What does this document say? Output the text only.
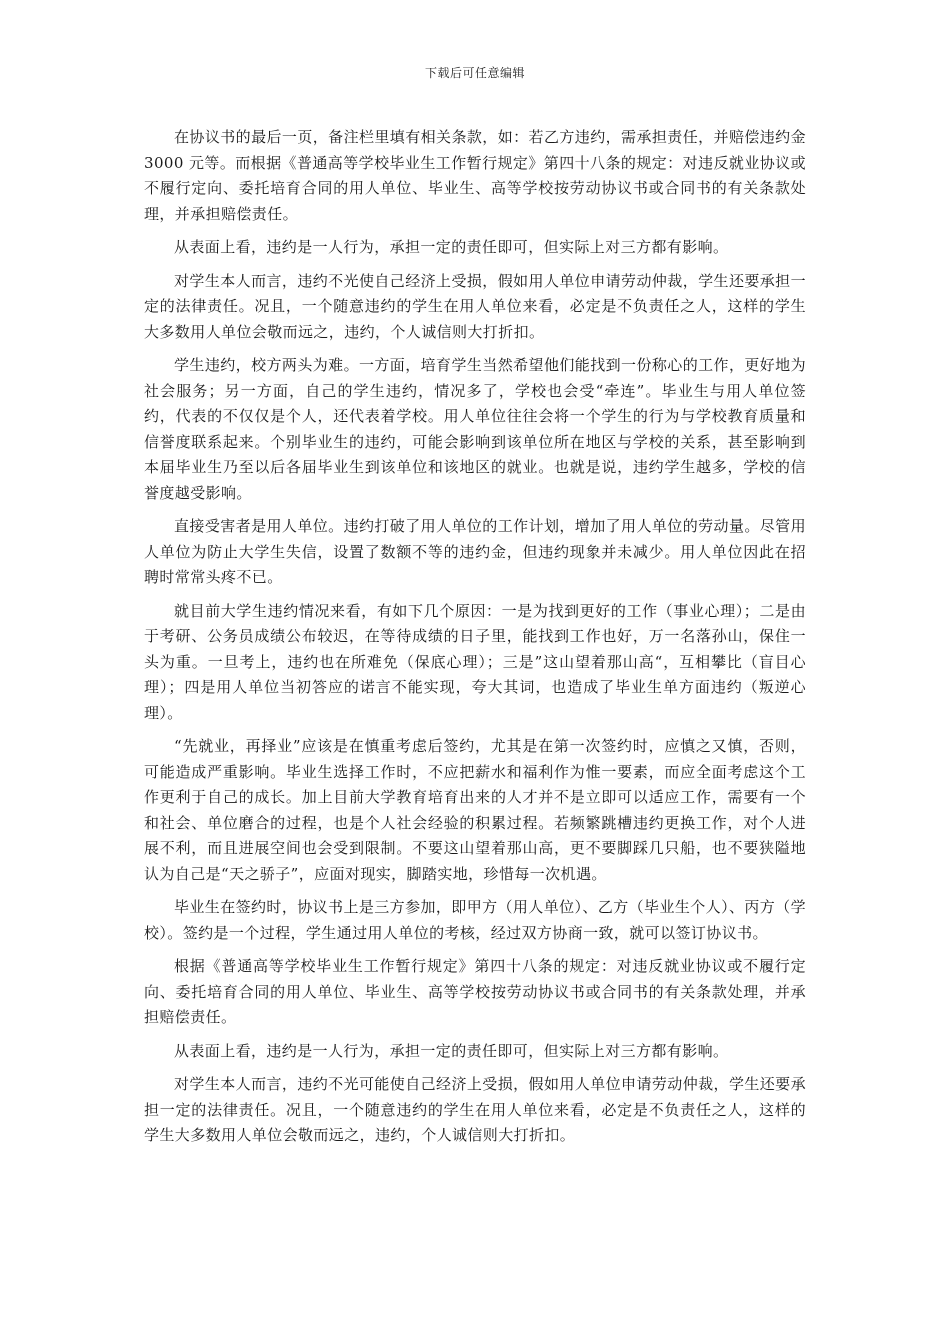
下载后可任意编辑

在协议书的最后一页，备注栏里填有相关条款，如：若乙方违约，需承担责任，并赔偿违约金 3000 元等。而根据《普通高等学校毕业生工作暂行规定》第四十八条的规定：对违反就业协议或不履行定向、委托培育合同的用人单位、毕业生、高等学校按劳动协议书或合同书的有关条款处理，并承担赔偿责任。

从表面上看，违约是一人行为，承担一定的责任即可，但实际上对三方都有影响。

对学生本人而言，违约不光使自己经济上受损，假如用人单位申请劳动仲裁，学生还要承担一定的法律责任。况且，一个随意违约的学生在用人单位来看，必定是不负责任之人，这样的学生大多数用人单位会敬而远之，违约，个人诚信则大打折扣。

学生违约，校方两头为难。一方面，培育学生当然希望他们能找到一份称心的工作，更好地为社会服务；另一方面，自己的学生违约，情况多了，学校也会受“牵连”。毕业生与用人单位签约，代表的不仅仅是个人，还代表着学校。用人单位往往会将一个学生的行为与学校教育质量和信誉度联系起来。个别毕业生的违约，可能会影响到该单位所在地区与学校的关系，甚至影响到本届毕业生乃至以后各届毕业生到该单位和该地区的就业。也就是说，违约学生越多，学校的信誉度越受影响。

直接受害者是用人单位。违约打破了用人单位的工作计划，增加了用人单位的劳动量。尽管用人单位为防止大学生失信，设置了数额不等的违约金，但违约现象并未减少。用人单位因此在招聘时常常头疼不已。

就目前大学生违约情况来看，有如下几个原因：一是为找到更好的工作（事业心理）；二是由于考研、公务员成绩公布较迟，在等待成绩的日子里，能找到工作也好，万一名落孙山，保住一头为重。一旦考上，违约也在所难免（保底心理）；三是”这山望着那山高“，互相攀比（盲目心理）；四是用人单位当初答应的诺言不能实现，夸大其词，也造成了毕业生单方面违约（叛逆心理）。

“先就业，再择业”应该是在慎重考虑后签约，尤其是在第一次签约时，应慎之又慎，否则，可能造成严重影响。毕业生选择工作时，不应把薪水和福利作为惟一要素，而应全面考虑这个工作更利于自己的成长。加上目前大学教育培育出来的人才并不是立即可以适应工作，需要有一个和社会、单位磨合的过程，也是个人社会经验的积累过程。若频繁跳槽违约更换工作，对个人进展不利，而且进展空间也会受到限制。不要这山望着那山高，更不要脚踩几只船，也不要狭隘地认为自己是“天之骄子”，应面对现实，脚踏实地，珍惜每一次机遇。

毕业生在签约时，协议书上是三方参加，即甲方（用人单位）、乙方（毕业生个人）、丙方（学校）。签约是一个过程，学生通过用人单位的考核，经过双方协商一致，就可以签订协议书。

根据《普通高等学校毕业生工作暂行规定》第四十八条的规定：对违反就业协议或不履行定向、委托培育合同的用人单位、毕业生、高等学校按劳动协议书或合同书的有关条款处理，并承担赔偿责任。

从表面上看，违约是一人行为，承担一定的责任即可，但实际上对三方都有影响。

对学生本人而言，违约不光可能使自己经济上受损，假如用人单位申请劳动仲裁，学生还要承担一定的法律责任。况且，一个随意违约的学生在用人单位来看，必定是不负责任之人，这样的学生大多数用人单位会敬而远之，违约，个人诚信则大打折扣。
